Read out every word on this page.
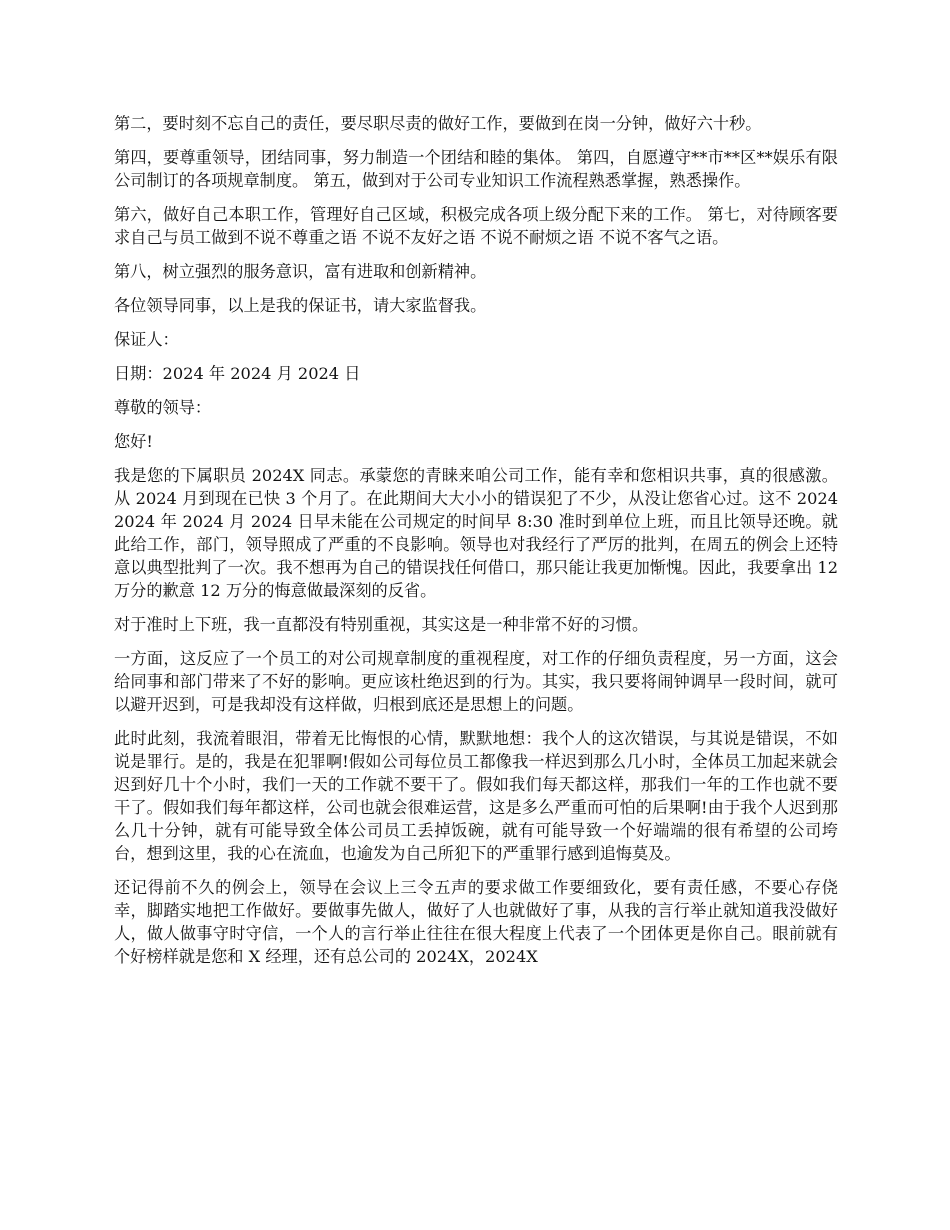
第二，要时刻不忘自己的责任，要尽职尽责的做好工作，要做到在岗一分钟，做好六十秒。

第四，要尊重领导，团结同事，努力制造一个团结和睦的集体。 第四，自愿遵守**市**区**娱乐有限公司制订的各项规章制度。 第五，做到对于公司专业知识工作流程熟悉掌握，熟悉操作。

第六，做好自己本职工作，管理好自己区域，积极完成各项上级分配下来的工作。 第七，对待顾客要求自己与员工做到不说不尊重之语 不说不友好之语 不说不耐烦之语 不说不客气之语。

第八，树立强烈的服务意识，富有进取和创新精神。

各位领导同事，以上是我的保证书，请大家监督我。

保证人：

日期：2024 年 2024 月 2024 日

尊敬的领导：

您好!

我是您的下属职员 2024X 同志。承蒙您的青睐来咱公司工作，能有幸和您相识共事，真的很感激。从 2024 月到现在已快 3 个月了。在此期间大大小小的错误犯了不少，从没让您省心过。这不 20242024 年 2024 月 2024 日早未能在公司规定的时间早 8:30 准时到单位上班，而且比领导还晚。就此给工作，部门，领导照成了严重的不良影响。领导也对我经行了严厉的批判，在周五的例会上还特意以典型批判了一次。我不想再为自己的错误找任何借口，那只能让我更加惭愧。因此，我要拿出 12 万分的歉意 12 万分的悔意做最深刻的反省。

对于准时上下班，我一直都没有特别重视，其实这是一种非常不好的习惯。

一方面，这反应了一个员工的对公司规章制度的重视程度，对工作的仔细负责程度，另一方面，这会给同事和部门带来了不好的影响。更应该杜绝迟到的行为。其实，我只要将闹钟调早一段时间，就可以避开迟到，可是我却没有这样做，归根到底还是思想上的问题。

此时此刻，我流着眼泪，带着无比悔恨的心情，默默地想：我个人的这次错误，与其说是错误，不如说是罪行。是的，我是在犯罪啊!假如公司每位员工都像我一样迟到那么几小时，全体员工加起来就会迟到好几十个小时，我们一天的工作就不要干了。假如我们每天都这样，那我们一年的工作也就不要干了。假如我们每年都这样，公司也就会很难运营，这是多么严重而可怕的后果啊!由于我个人迟到那么几十分钟，就有可能导致全体公司员工丢掉饭碗，就有可能导致一个好端端的很有希望的公司垮台，想到这里，我的心在流血，也逾发为自己所犯下的严重罪行感到追悔莫及。

还记得前不久的例会上，领导在会议上三令五声的要求做工作要细致化，要有责任感，不要心存侥幸，脚踏实地把工作做好。要做事先做人，做好了人也就做好了事，从我的言行举止就知道我没做好人，做人做事守时守信，一个人的言行举止往往在很大程度上代表了一个团体更是你自己。眼前就有个好榜样就是您和 X 经理，还有总公司的 2024X，2024X
